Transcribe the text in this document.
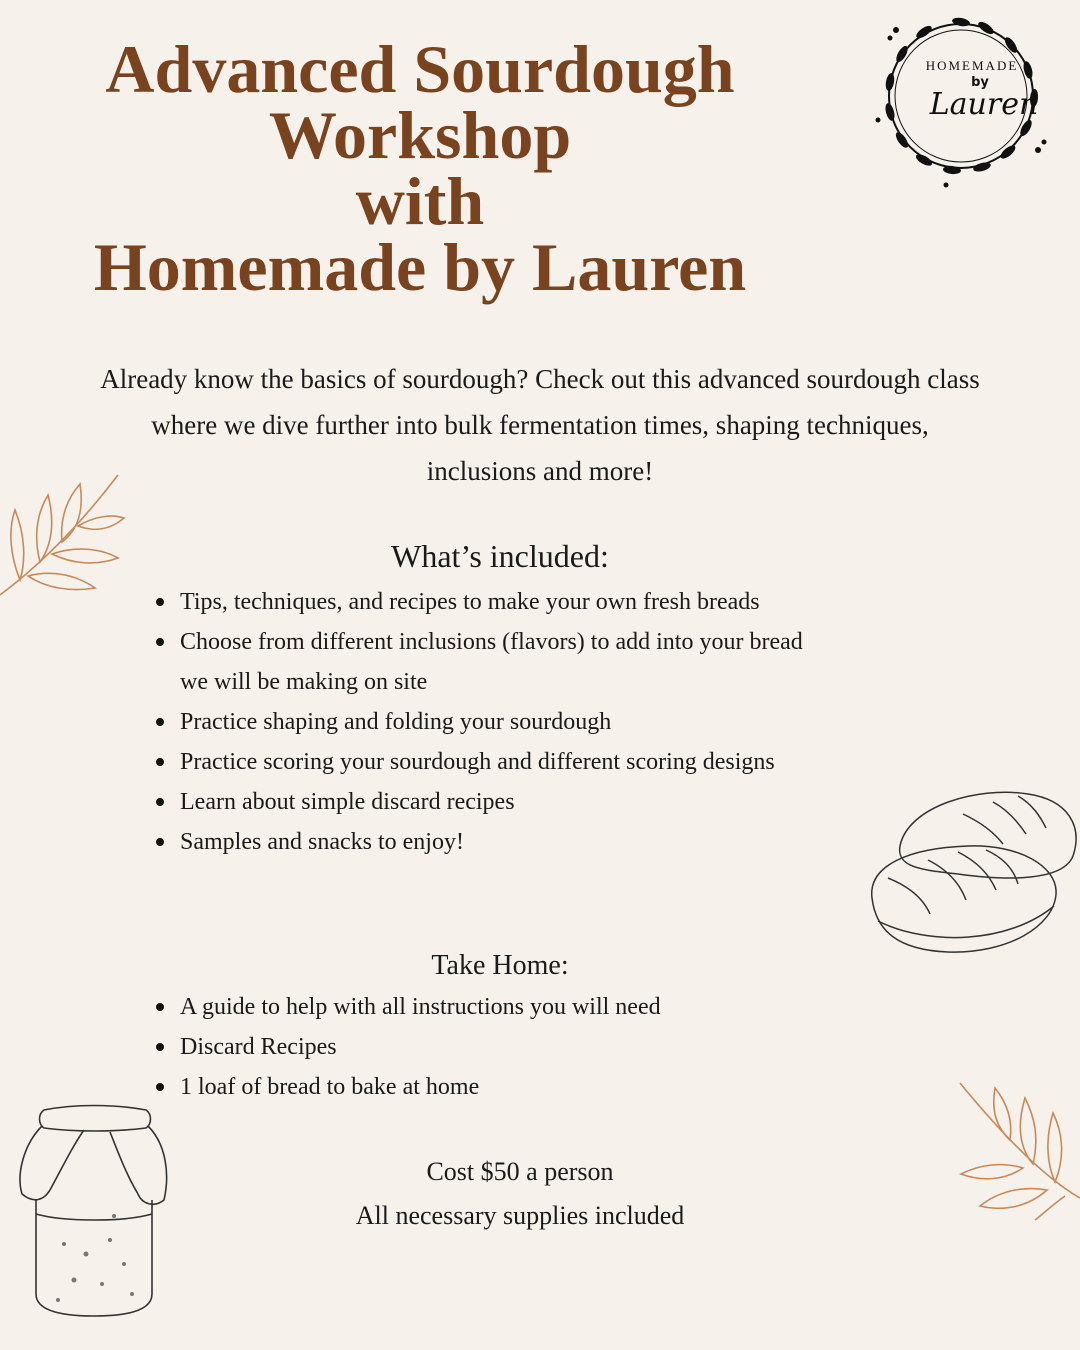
Advanced Sourdough
Workshop
with
Homemade by Lauren
HOMEMADE
by
Lauren
Already know the basics of sourdough? Check out this advanced sourdough class
where we dive further into bulk fermentation times, shaping techniques,
inclusions and more!
What’s included:
Tips, techniques, and recipes to make your own fresh breads
Choose from different inclusions (flavors) to add into your bread we will be making on site
Practice shaping and folding your sourdough
Practice scoring your sourdough and different scoring designs
Learn about simple discard recipes
Samples and snacks to enjoy!
Take Home:
A guide to help with all instructions you will need
Discard Recipes
1 loaf of bread to bake at home
Cost $50 a person
All necessary supplies included
